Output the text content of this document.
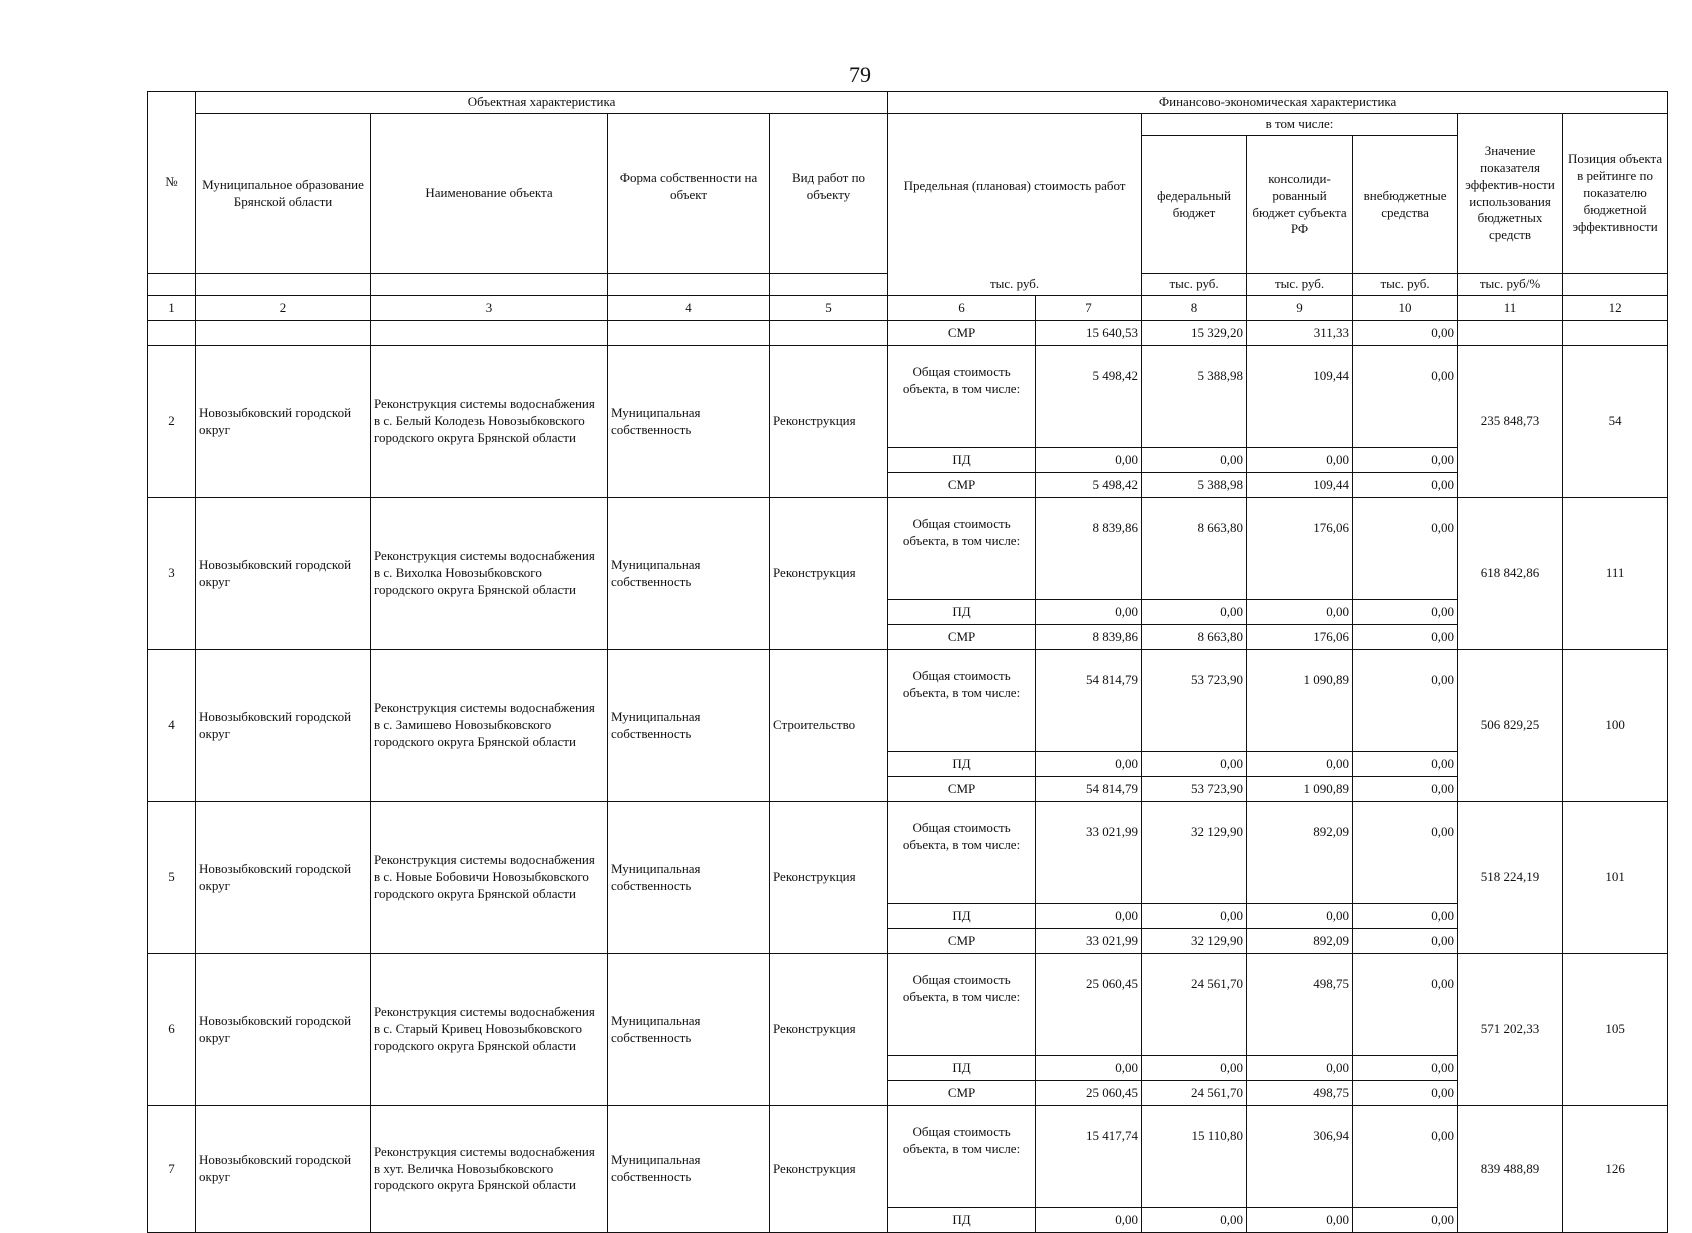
79
№	Объектная характеристика				Финансово-экономическая характеристика						
	Муниципальное образование Брянской области	Наименование объекта	Форма собственности на объект	Вид работ по объекту	Предельная (плановая) стоимость работ		в том числе:			Значение показателя эффектив-ности использования бюджетных средств	Позиция объекта в рейтинге по показателю бюджетной эффективности
							федеральный бюджет	консолиди-рованный бюджет субъекта РФ	внебюджетные средства		
					тыс. руб.		тыс. руб.	тыс. руб.	тыс. руб.	тыс. руб/%	
1	2	3	4	5	6	7	8	9	10	11	12
					СМР	15 640,53	15 329,20	311,33	0,00		
2	Новозыбковский городской округ	Реконструкция системы водоснабжения в с. Белый Колодезь Новозыбковского городского округа Брянской области	Муниципальная собственность	Реконструкция	Общая стоимость объекта, в том числе:	5 498,42	5 388,98	109,44	0,00	235 848,73	54
					ПД	0,00	0,00	0,00	0,00		
					СМР	5 498,42	5 388,98	109,44	0,00		
3	Новозыбковский городской округ	Реконструкция системы водоснабжения в с. Вихолка Новозыбковского городского округа Брянской области	Муниципальная собственность	Реконструкция	Общая стоимость объекта, в том числе:	8 839,86	8 663,80	176,06	0,00	618 842,86	111
					ПД	0,00	0,00	0,00	0,00		
					СМР	8 839,86	8 663,80	176,06	0,00		
4	Новозыбковский городской округ	Реконструкция системы водоснабжения в с. Замишево Новозыбковского городского округа Брянской области	Муниципальная собственность	Строительство	Общая стоимость объекта, в том числе:	54 814,79	53 723,90	1 090,89	0,00	506 829,25	100
					ПД	0,00	0,00	0,00	0,00		
					СМР	54 814,79	53 723,90	1 090,89	0,00		
5	Новозыбковский городской округ	Реконструкция системы водоснабжения в с. Новые Бобовичи Новозыбковского городского округа Брянской области	Муниципальная собственность	Реконструкция	Общая стоимость объекта, в том числе:	33 021,99	32 129,90	892,09	0,00	518 224,19	101
					ПД	0,00	0,00	0,00	0,00		
					СМР	33 021,99	32 129,90	892,09	0,00		
6	Новозыбковский городской округ	Реконструкция системы водоснабжения в с. Старый Кривец Новозыбковского городского округа Брянской области	Муниципальная собственность	Реконструкция	Общая стоимость объекта, в том числе:	25 060,45	24 561,70	498,75	0,00	571 202,33	105
					ПД	0,00	0,00	0,00	0,00		
					СМР	25 060,45	24 561,70	498,75	0,00		
7	Новозыбковский городской округ	Реконструкция системы водоснабжения в хут. Величка Новозыбковского городского округа Брянской области	Муниципальная собственность	Реконструкция	Общая стоимость объекта, в том числе:	15 417,74	15 110,80	306,94	0,00	839 488,89	126
					ПД	0,00	0,00	0,00	0,00		
